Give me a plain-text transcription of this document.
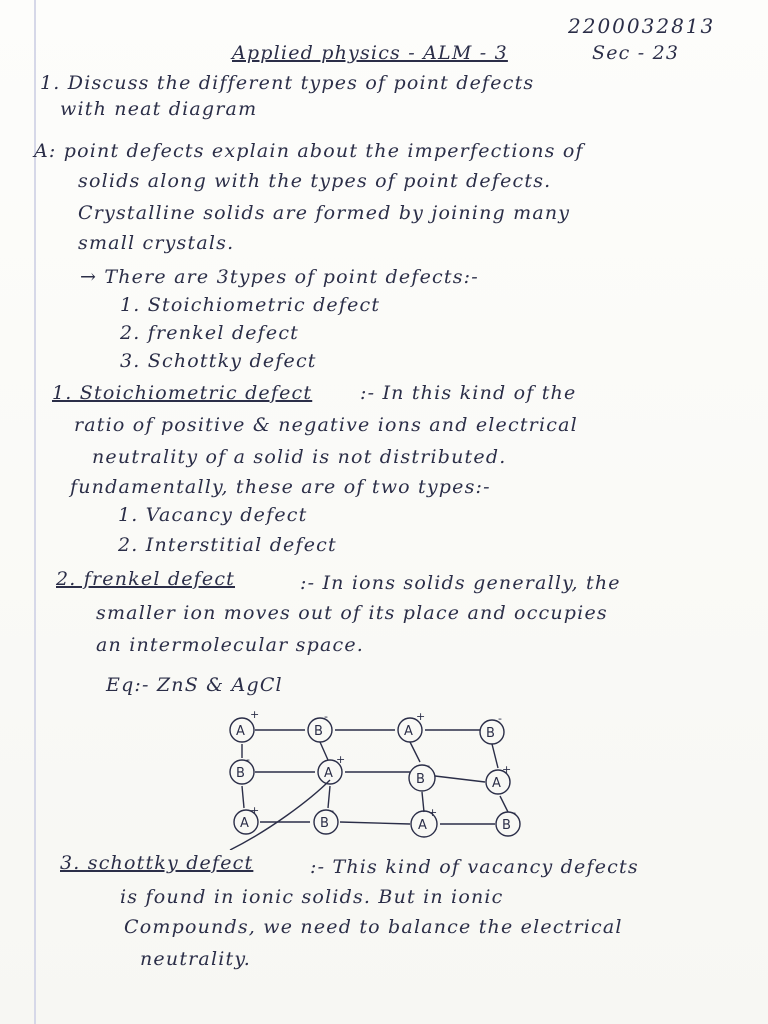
2200032813
Applied physics - ALM - 3	Sec - 23
1. Discuss the different types of point defects
with neat diagram
A: point defects explain about the imperfections of
solids along with the types of point defects.
Crystalline solids are formed by joining many
small crystals.
→ There are 3types of point defects:-
1. Stoichiometric defect
2. frenkel defect
3. Schottky defect
1. Stoichiometric defect	:- In this kind of the
ratio of positive & negative ions and electrical
neutrality of a solid is not distributed.
fundamentally, these are of two types:-
1. Vacancy defect
2. Interstitial defect
2. frenkel defect	:- In ions solids generally, the
smaller ion moves out of its place and occupies
an intermolecular space.
Eq:- ZnS & AgCl
A
+
B
-
A
+
B
-
B
-
A
+
B
-
A
+
A
+
B
-
A
+
B
-
3. schottky defect	:- This kind of vacancy defects
is found in ionic solids. But in ionic
Compounds, we need to balance the electrical
neutrality.
